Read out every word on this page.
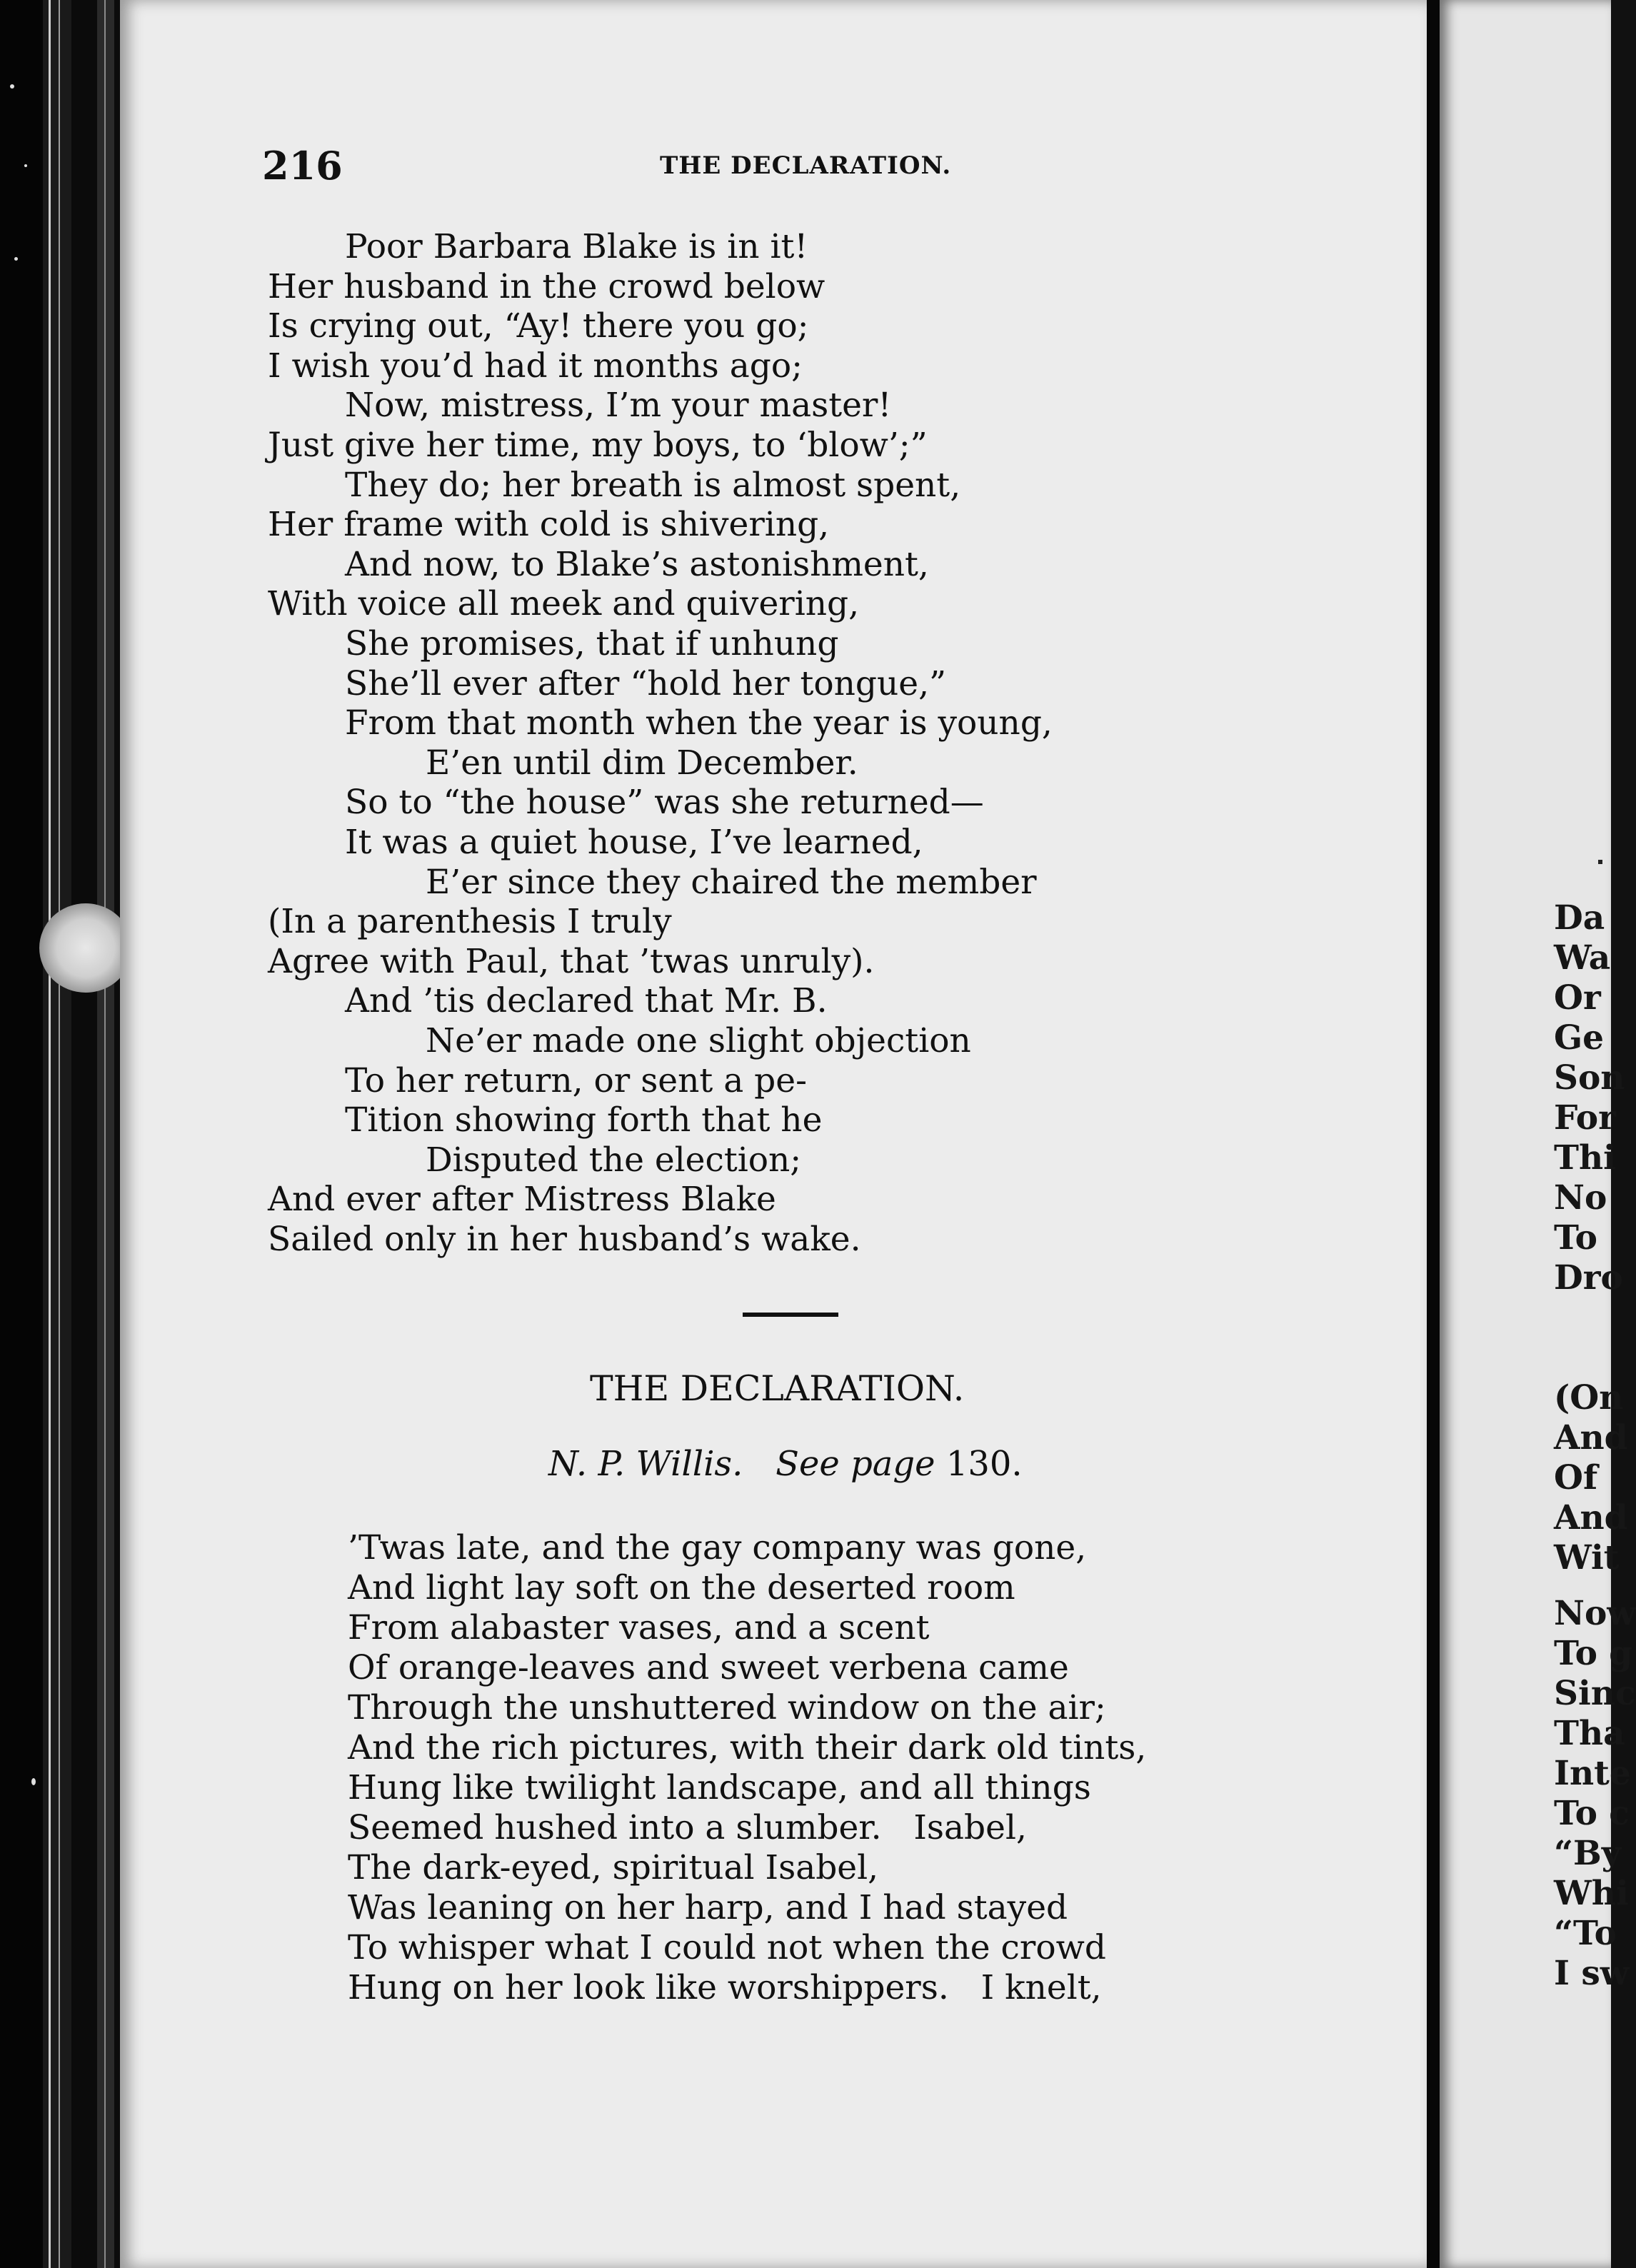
216	THE DECLARATION.
Poor Barbara Blake is in it!
Her husband in the crowd below
Is crying out, “Ay! there you go;
I wish you’d had it months ago;
Now, mistress, I’m your master!
Just give her time, my boys, to ‘blow’;”
They do; her breath is almost spent,
Her frame with cold is shivering,
And now, to Blake’s astonishment,
With voice all meek and quivering,
She promises, that if unhung
She’ll ever after “hold her tongue,”
From that month when the year is young,
E’en until dim December.
So to “the house” was she returned—
It was a quiet house, I’ve learned,
E’er since they chaired the member
(In a parenthesis I truly
Agree with Paul, that ’twas unruly).
And ’tis declared that Mr. B.
Ne’er made one slight objection
To her return, or sent a pe-
Tition showing forth that he
Disputed the election;
And ever after Mistress Blake
Sailed only in her husband’s wake.
THE DECLARATION.
N. P. Willis. See page 130.
’Twas late, and the gay company was gone,
And light lay soft on the deserted room
From alabaster vases, and a scent
Of orange-leaves and sweet verbena came
Through the unshuttered window on the air;
And the rich pictures, with their dark old tints,
Hung like twilight landscape, and all things
Seemed hushed into a slumber.   Isabel,
The dark-eyed, spiritual Isabel,
Was leaning on her harp, and I had stayed
To whisper what I could not when the crowd
Hung on her look like worshippers.   I knelt,
Da
Wa
Or
Ge
Son
For
Thi
No
To
Dro
(On
And
Of
And
Wit
Now
To g
Sinc
Tha
Inte
To c
“By
Whi
“To
I sw
